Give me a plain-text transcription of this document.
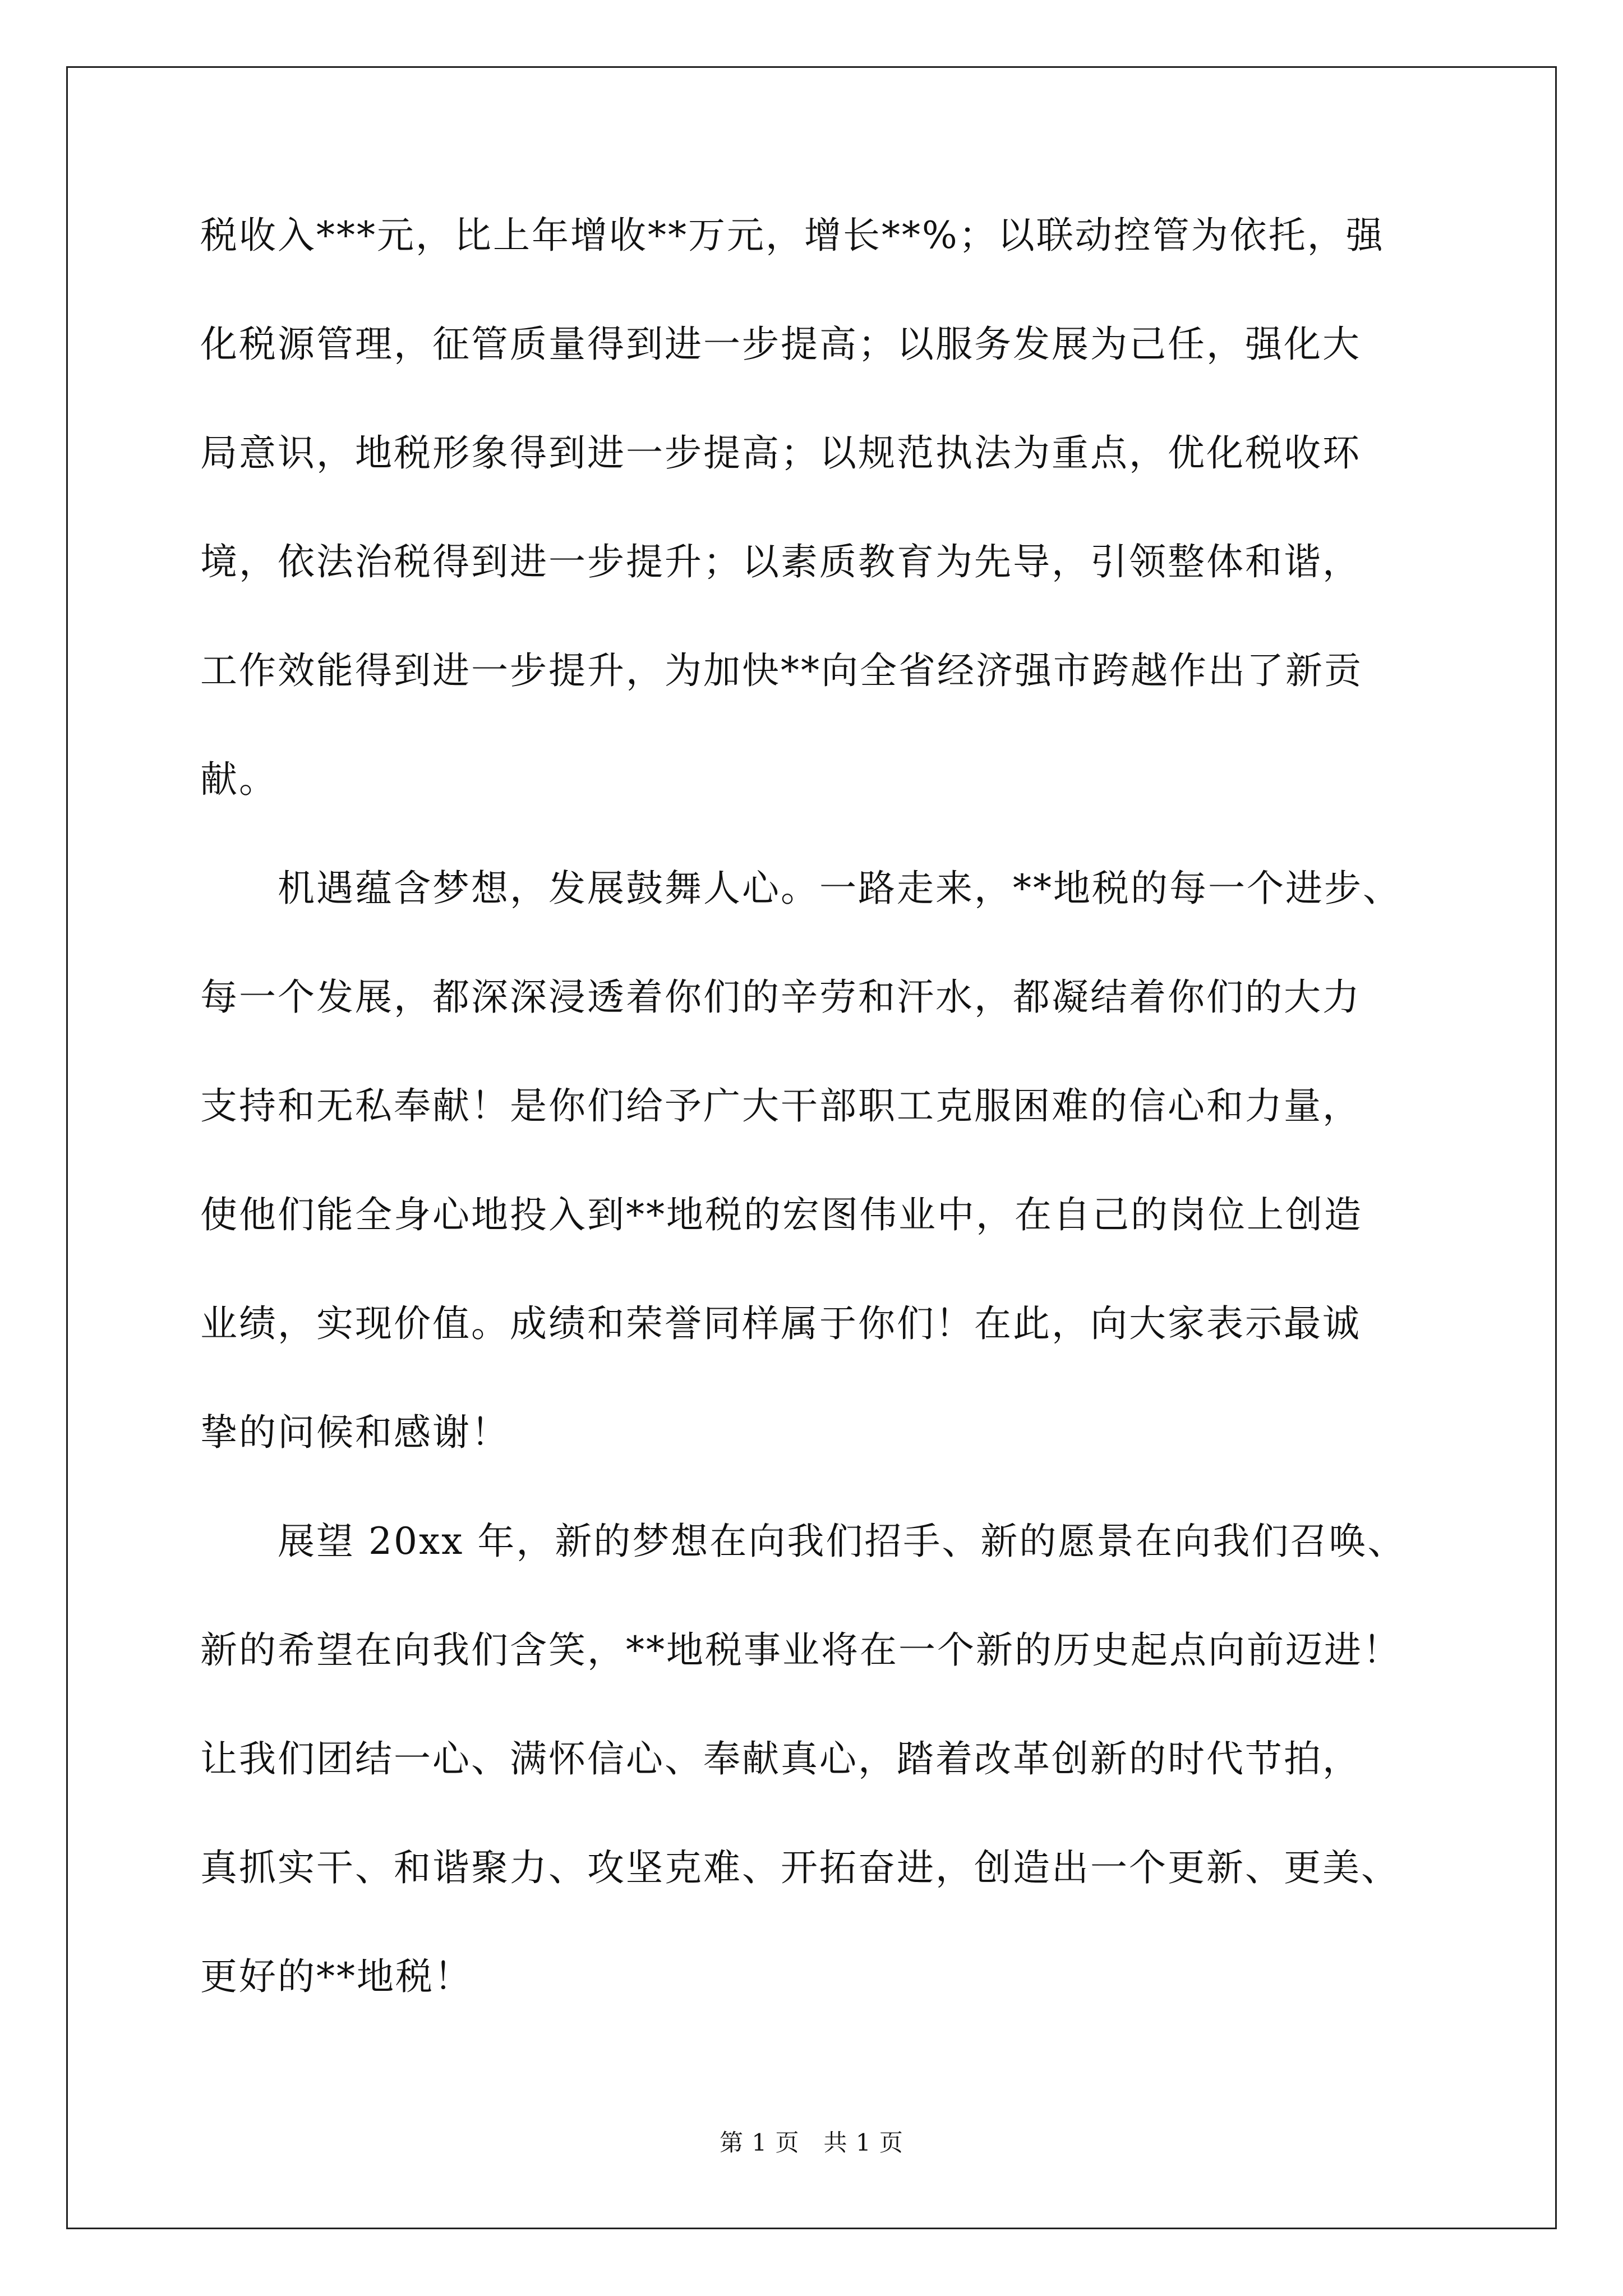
税收入***元，比上年增收**万元，增长**%；以联动控管为依托，强
化税源管理，征管质量得到进一步提高；以服务发展为己任，强化大
局意识，地税形象得到进一步提高；以规范执法为重点，优化税收环
境，依法治税得到进一步提升；以素质教育为先导，引领整体和谐，
工作效能得到进一步提升，为加快**向全省经济强市跨越作出了新贡
献。
　　机遇蕴含梦想，发展鼓舞人心。一路走来，**地税的每一个进步、
每一个发展，都深深浸透着你们的辛劳和汗水，都凝结着你们的大力
支持和无私奉献！是你们给予广大干部职工克服困难的信心和力量，
使他们能全身心地投入到**地税的宏图伟业中，在自己的岗位上创造
业绩，实现价值。成绩和荣誉同样属于你们！在此，向大家表示最诚
挚的问候和感谢！
　　展望 20xx 年，新的梦想在向我们招手、新的愿景在向我们召唤、
新的希望在向我们含笑，**地税事业将在一个新的历史起点向前迈进！
让我们团结一心、满怀信心、奉献真心，踏着改革创新的时代节拍，
真抓实干、和谐聚力、攻坚克难、开拓奋进，创造出一个更新、更美、
更好的**地税！
第 1 页　共 1 页
